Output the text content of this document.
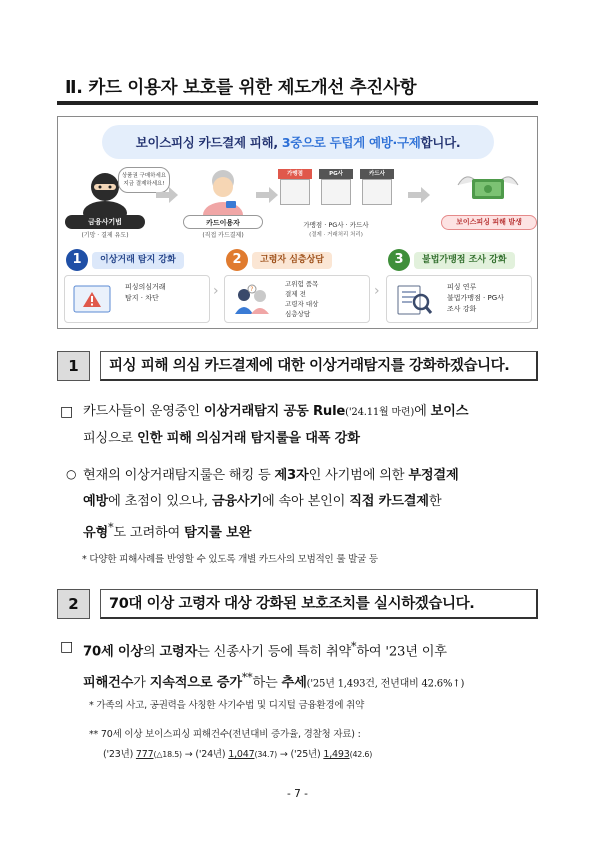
Ⅱ. 카드 이용자 보호를 위한 제도개선 추진사항
보이스피싱 카드결제 피해, 3중으로 두텁게 예방·구제합니다.
금융사기범
(기망 · 결제 유도)
상품권 구매하세요 지금 결제하세요!
카드이용자
(직접 카드결제)
가맹점	PG사	카드사
가맹점 · PG사 · 카드사
(결제 · 거래처리 처리)
보이스피싱 피해 발생
1	이상거래 탐지 강화
피싱의심거래
탐지 · 차단	›
2	고령자 심층상담
?
고위험 품목
결제 전
고령자 대상
심층상담
›
3	불법가맹점 조사 강화
피싱 연루
불법가맹점 · PG사
조사 강화
1	피싱 피해 의심 카드결제에 대한 이상거래탐지를 강화하겠습니다.
□ 카드사들이 운영중인 이상거래탐지 공동 Rule('24.11월 마련)에 보이스
피싱으로 인한 피해 의심거래 탐지룰을 대폭 강화
○ 현재의 이상거래탐지룰은 해킹 등 제3자인 사기범에 의한 부정결제
예방에 초점이 있으나, 금융사기에 속아 본인이 직접 카드결제한
유형*도 고려하여 탐지룰 보완
* 다양한 피해사례를 반영할 수 있도록 개별 카드사의 모범적인 룰 발굴 등
2	70대 이상 고령자 대상 강화된 보호조치를 실시하겠습니다.
□ 70세 이상의 고령자는 신종사기 등에 특히 취약*하여 '23년 이후
피해건수가 지속적으로 증가**하는 추세('25년 1,493건, 전년대비 42.6%↑)
* 가족의 사고, 공권력을 사칭한 사기수법 및 디지털 금융환경에 취약
** 70세 이상 보이스피싱 피해건수(전년대비 증가율, 경찰청 자료) :
('23년) 777(△18.5) → ('24년) 1,047(34.7) → ('25년) 1,493(42.6)
- 7 -
